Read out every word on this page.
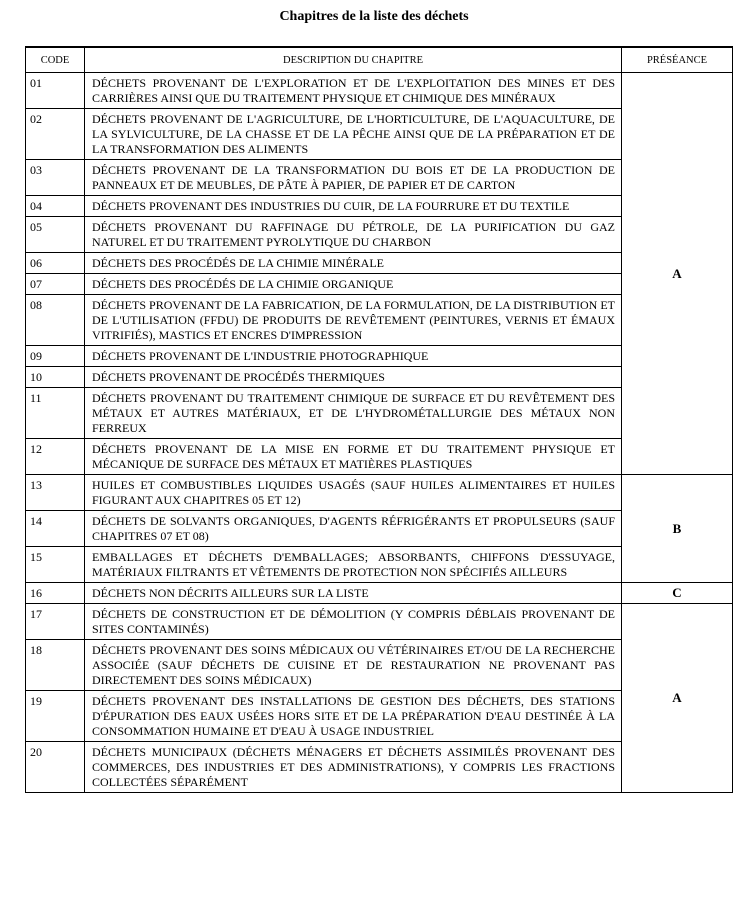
Chapitres de la liste des déchets
CODE	DESCRIPTION DU CHAPITRE	PRÉSÉANCE
01	DÉCHETS PROVENANT DE L'EXPLORATION ET DE L'EXPLOITATION DES MINES ET DES CARRIÈRES AINSI QUE DU TRAITEMENT PHYSIQUE ET CHIMIQUE DES MINÉRAUX	A
02	DÉCHETS PROVENANT DE L'AGRICULTURE, DE L'HORTICULTURE, DE L'AQUACULTURE, DE LA SYLVICULTURE, DE LA CHASSE ET DE LA PÊCHE AINSI QUE DE LA PRÉPARATION ET DE LA TRANSFORMATION DES ALIMENTS	
03	DÉCHETS PROVENANT DE LA TRANSFORMATION DU BOIS ET DE LA PRODUCTION DE PANNEAUX ET DE MEUBLES, DE PÂTE À PAPIER, DE PAPIER ET DE CARTON	
04	DÉCHETS PROVENANT DES INDUSTRIES DU CUIR, DE LA FOURRURE ET DU TEXTILE	
05	DÉCHETS PROVENANT DU RAFFINAGE DU PÉTROLE, DE LA PURIFICATION DU GAZ NATUREL ET DU TRAITEMENT PYROLYTIQUE DU CHARBON	
06	DÉCHETS DES PROCÉDÉS DE LA CHIMIE MINÉRALE	
07	DÉCHETS DES PROCÉDÉS DE LA CHIMIE ORGANIQUE	
08	DÉCHETS PROVENANT DE LA FABRICATION, DE LA FORMULATION, DE LA DISTRIBUTION ET DE L'UTILISATION (FFDU) DE PRODUITS DE REVÊTEMENT (PEINTURES, VERNIS ET ÉMAUX VITRIFIÉS), MASTICS ET ENCRES D'IMPRESSION	
09	DÉCHETS PROVENANT DE L'INDUSTRIE PHOTOGRAPHIQUE	
10	DÉCHETS PROVENANT DE PROCÉDÉS THERMIQUES	
11	DÉCHETS PROVENANT DU TRAITEMENT CHIMIQUE DE SURFACE ET DU REVÊTEMENT DES MÉTAUX ET AUTRES MATÉRIAUX, ET DE L'HYDROMÉTALLURGIE DES MÉTAUX NON FERREUX	
12	DÉCHETS PROVENANT DE LA MISE EN FORME ET DU TRAITEMENT PHYSIQUE ET MÉCANIQUE DE SURFACE DES MÉTAUX ET MATIÈRES PLASTIQUES	
13	HUILES ET COMBUSTIBLES LIQUIDES USAGÉS (SAUF HUILES ALIMENTAIRES ET HUILES FIGURANT AUX CHAPITRES 05 ET 12)	B
14	DÉCHETS DE SOLVANTS ORGANIQUES, D'AGENTS RÉFRIGÉRANTS ET PROPULSEURS (SAUF CHAPITRES 07 ET 08)	
15	EMBALLAGES ET DÉCHETS D'EMBALLAGES; ABSORBANTS, CHIFFONS D'ESSUYAGE, MATÉRIAUX FILTRANTS ET VÊTEMENTS DE PROTECTION NON SPÉCIFIÉS AILLEURS	
16	DÉCHETS NON DÉCRITS AILLEURS SUR LA LISTE	C
17	DÉCHETS DE CONSTRUCTION ET DE DÉMOLITION (Y COMPRIS DÉBLAIS PROVENANT DE SITES CONTAMINÉS)	A
18	DÉCHETS PROVENANT DES SOINS MÉDICAUX OU VÉTÉRINAIRES ET/OU DE LA RECHERCHE ASSOCIÉE (SAUF DÉCHETS DE CUISINE ET DE RESTAURATION NE PROVENANT PAS DIRECTEMENT DES SOINS MÉDICAUX)	
19	DÉCHETS PROVENANT DES INSTALLATIONS DE GESTION DES DÉCHETS, DES STATIONS D'ÉPURATION DES EAUX USÉES HORS SITE ET DE LA PRÉPARATION D'EAU DESTINÉE À LA CONSOMMATION HUMAINE ET D'EAU À USAGE INDUSTRIEL	
20	DÉCHETS MUNICIPAUX (DÉCHETS MÉNAGERS ET DÉCHETS ASSIMILÉS PROVENANT DES COMMERCES, DES INDUSTRIES ET DES ADMINISTRATIONS), Y COMPRIS LES FRACTIONS COLLECTÉES SÉPARÉMENT	
